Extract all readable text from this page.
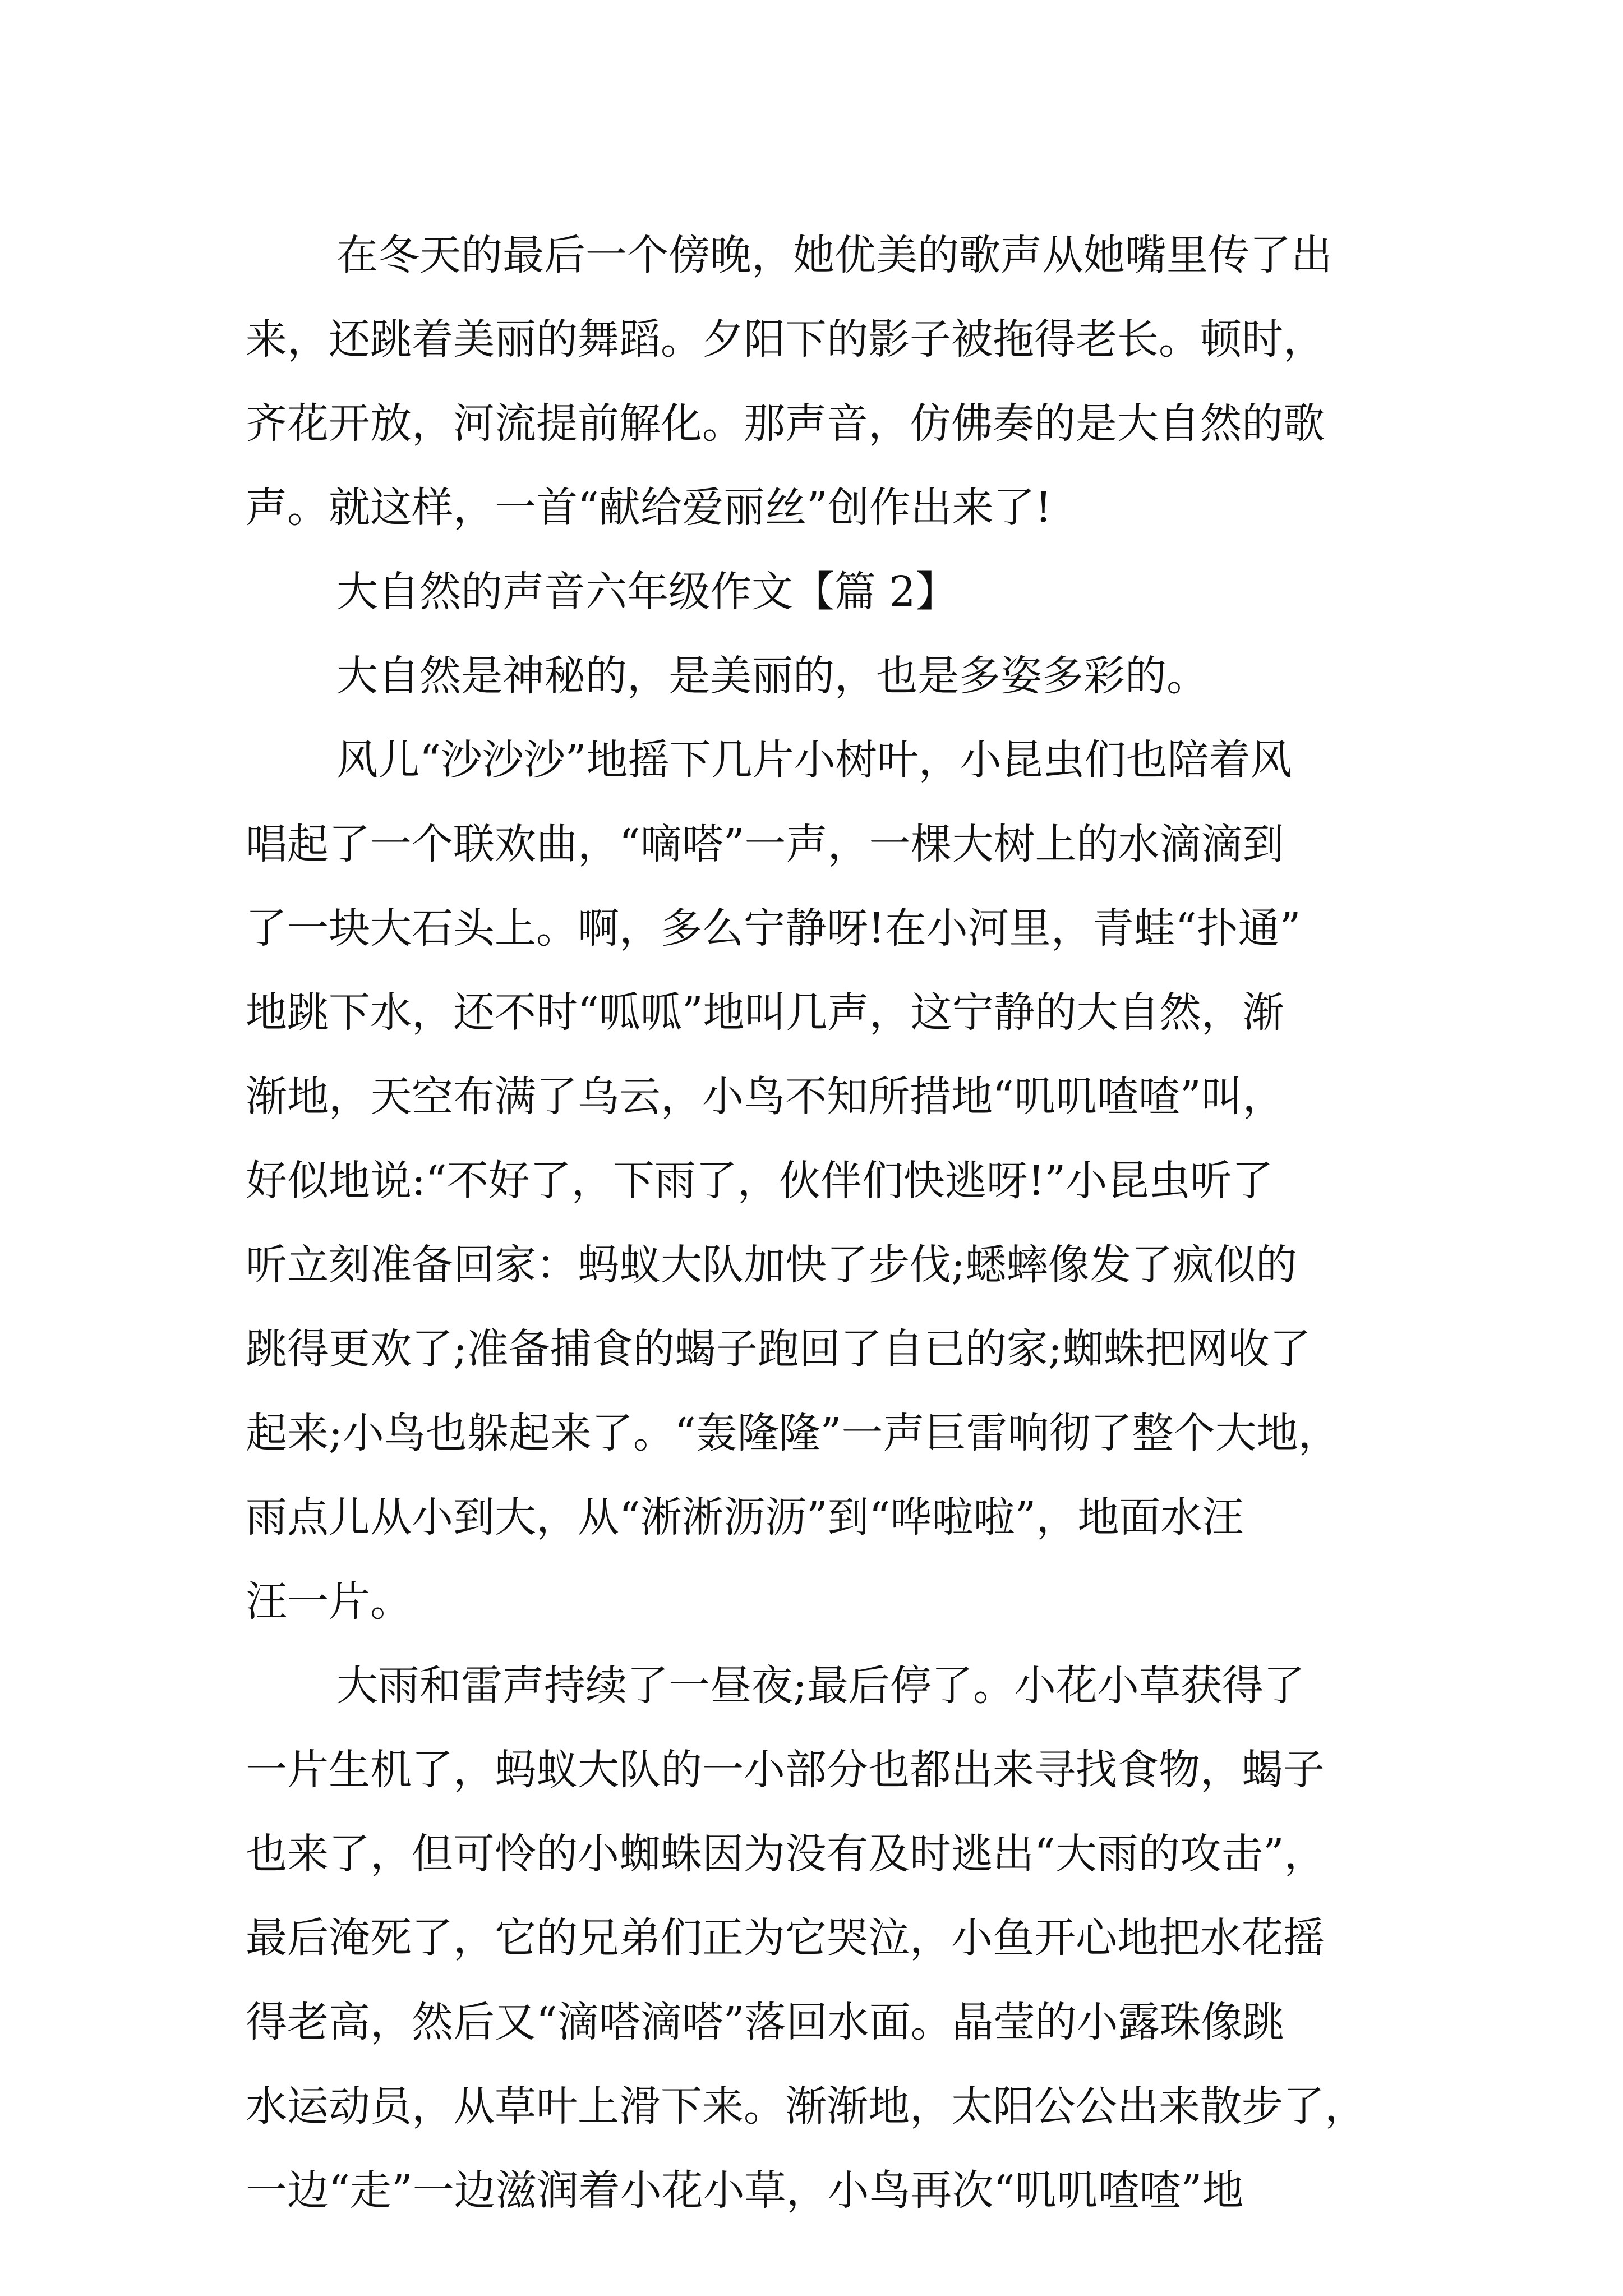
在冬天的最后一个傍晚，她优美的歌声从她嘴里传了出
来，还跳着美丽的舞蹈。夕阳下的影子被拖得老长。顿时，
齐花开放，河流提前解化。那声音，仿佛奏的是大自然的歌
声。就这样，一首“献给爱丽丝”创作出来了!
大自然的声音六年级作文【篇 2】
大自然是神秘的，是美丽的，也是多姿多彩的。
风儿“沙沙沙”地摇下几片小树叶，小昆虫们也陪着风
唱起了一个联欢曲，“嘀嗒”一声，一棵大树上的水滴滴到
了一块大石头上。啊，多么宁静呀!在小河里，青蛙“扑通”
地跳下水，还不时“呱呱”地叫几声，这宁静的大自然，渐
渐地，天空布满了乌云，小鸟不知所措地“叽叽喳喳”叫，
好似地说:“不好了，下雨了，伙伴们快逃呀!”小昆虫听了
听立刻准备回家：蚂蚁大队加快了步伐;蟋蟀像发了疯似的
跳得更欢了;准备捕食的蝎子跑回了自已的家;蜘蛛把网收了
起来;小鸟也躲起来了。“轰隆隆”一声巨雷响彻了整个大地，
雨点儿从小到大，从“淅淅沥沥”到“哗啦啦”，地面水汪
汪一片。
大雨和雷声持续了一昼夜;最后停了。小花小草获得了
一片生机了，蚂蚁大队的一小部分也都出来寻找食物，蝎子
也来了，但可怜的小蜘蛛因为没有及时逃出“大雨的攻击”，
最后淹死了，它的兄弟们正为它哭泣，小鱼开心地把水花摇
得老高，然后又“滴嗒滴嗒”落回水面。晶莹的小露珠像跳
水运动员，从草叶上滑下来。渐渐地，太阳公公出来散步了，
一边“走”一边滋润着小花小草，小鸟再次“叽叽喳喳”地
